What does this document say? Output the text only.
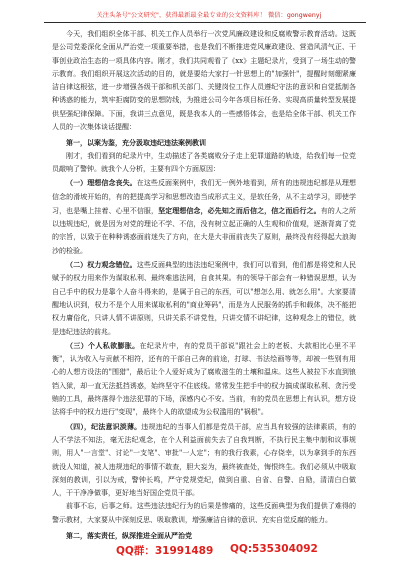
关注头条号"公文研究"，获得最新最全最专业的公文资料库！ 微信：gongwenyj

今天，我们组织全体干部、机关工作人员举行一次党风廉政建设和反腐败警示教育活动。这既是公司党委深化全面从严治党一项重要举措，也是我们不断推进党风廉政建设、营造风清气正、干事创业政治生态的一项具体内容。刚才，我们共同观看了《xx》主题纪录片，受到了一场生动的警示教育。我们组织开展这次活动的目的，就是要给大家打一针思想上的"加强针"，提醒时刻绷紧廉洁自律这根弦，进一步增强各级干部和机关部门、关键岗位工作人员遵纪守法的意识和自觉抵制各种诱惑的能力，筑牢拒腐防变的思想防线，为推进公司今年各项目标任务、实现高质量转型发展提供坚强纪律保障。下面，我讲三点意见，既是我本人的一些感悟体会，也是给全体干部、机关工作人员的一次集体谈话提醒：

第一，以案为鉴，充分汲取违纪违法案例教训

刚才，我们看到的纪录片中，生动描述了各类腐败分子走上犯罪道路的轨迹，给我们每一位党员敲响了警钟。就我个人分析，主要有四个方面原因：

（一）理想信念丧失。在这些反面案例中，我们无一例外地看到，所有的违规违纪都是从理想信念的滑坡开始的，有的把提高学习和思想改造当成形式主义，是软任务，从不主动学习，即使学习，也是嘴上挂着、心里不信服，坚定理想信念，必先知之而后信之，信之而后行之。有的人之所以违规违纪，就是因为对党的理论不学、不信，没有树立起正确的人生观和价值观，逐渐背离了党的宗旨，以致于在种种诱惑面前迷失了方向，在大是大非面前丧失了原则，最终没有经得起大浪淘沙的检验。

（二）权力观念错位。这些反面典型的违法违纪案例中，我们可以看到，他们都是将党和人民赋予的权力用来作为谋取私利、最终难逃法网，自食其果。有的领导干部会有一种错误思想，认为自己手中的权力是靠个人奋斗得来的，是属于自己的东西，可以"想怎么用、就怎么用"。大家要清醒地认识到，权力不是个人用来谋取私利的"商业筹码"，而是为人民服务的抓手和载体，决不能把权力庸俗化，只讲人情不讲原则，只讲关系不讲党性，只讲交情不讲纪律，这种观念上的错位，就是违纪违法的前兆。

（三）个人私欲膨胀。在纪录片中，有的党员干部说"跟社会上的老板、大款相比心里不平衡"，认为收入与贡献不相符，还有的干部自己奔的前途，打球、书法绘画等等，却被一些别有用心的人想方设法的"围猎"，最后让个人爱好成为了腐败滋生的土壤和温床。这些人被拉下水直到锒铛入狱，却一直无法抵挡诱惑，始终坚守不住底线。常常发生把手中的权力搞成谋取私利、贪污受贿的工具，最终落得个违法犯罪的下场，深感内心不安。当前，有的党员在思想上有认识，想方设法将手中的权力进行"变现"，最终个人的欲望成为公权滥用的"祸根"。

（四），纪法意识淡薄。违规违纪的当事人们都是党员干部，应当具有较强的法律素质，有的人不学法不知法，毫无法纪观念，在个人利益面前失去了自我判断，不执行民主集中制和议事规则，用人"一言堂"、讨论"一支笔"、审批"一人定"；有的我行我素，心存侥幸，以为拿到手的东西就没人知道，被人违规违纪的事情不敢查，胆大妄为，最终被查处，悔恨终生。我们必须从中吸取深刻的教训，引以为戒，警钟长鸣，严守党规党纪，做到自重、自省、自警、自励，清清白白做人，干干净净做事，更好地当好国企党员干部。

前事不忘，后事之师。这些违法违纪行为的后果是惨痛的，这些反面典型为我们提供了难得的警示教材，大家要从中深刻反思、吸取教训，增强廉洁自律的意识、充实自觉反腐的能力。

第二，落实责任，纵深推进全面从严治党

QQ群：31991489 QQ:535304092
